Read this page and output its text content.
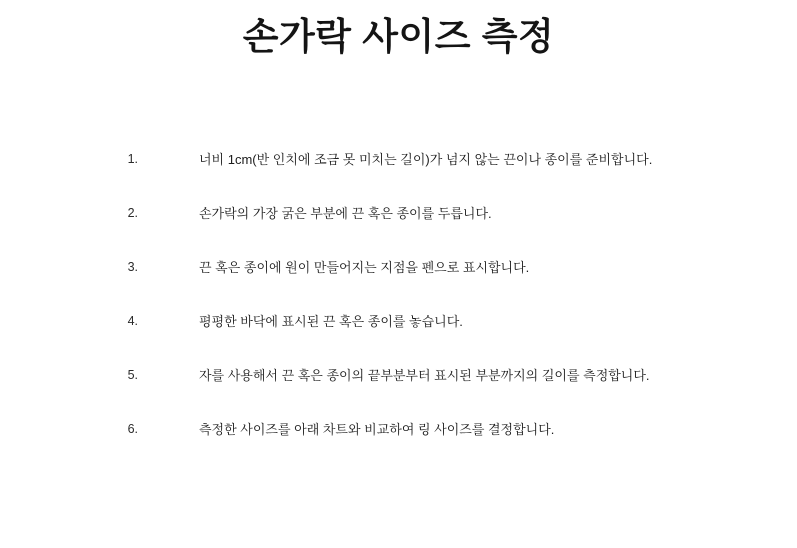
손가락 사이즈 측정
1.	너비 1cm(반 인치에 조금 못 미치는 길이)가 넘지 않는 끈이나 종이를 준비합니다.
2.	손가락의 가장 굵은 부분에 끈 혹은 종이를 두릅니다.
3.	끈 혹은 종이에 원이 만들어지는 지점을 펜으로 표시합니다.
4.	평평한 바닥에 표시된 끈 혹은 종이를 놓습니다.
5.	자를 사용해서 끈 혹은 종이의 끝부분부터 표시된 부분까지의 길이를 측정합니다.
6.	측정한 사이즈를 아래 차트와 비교하여 링 사이즈를 결정합니다.
